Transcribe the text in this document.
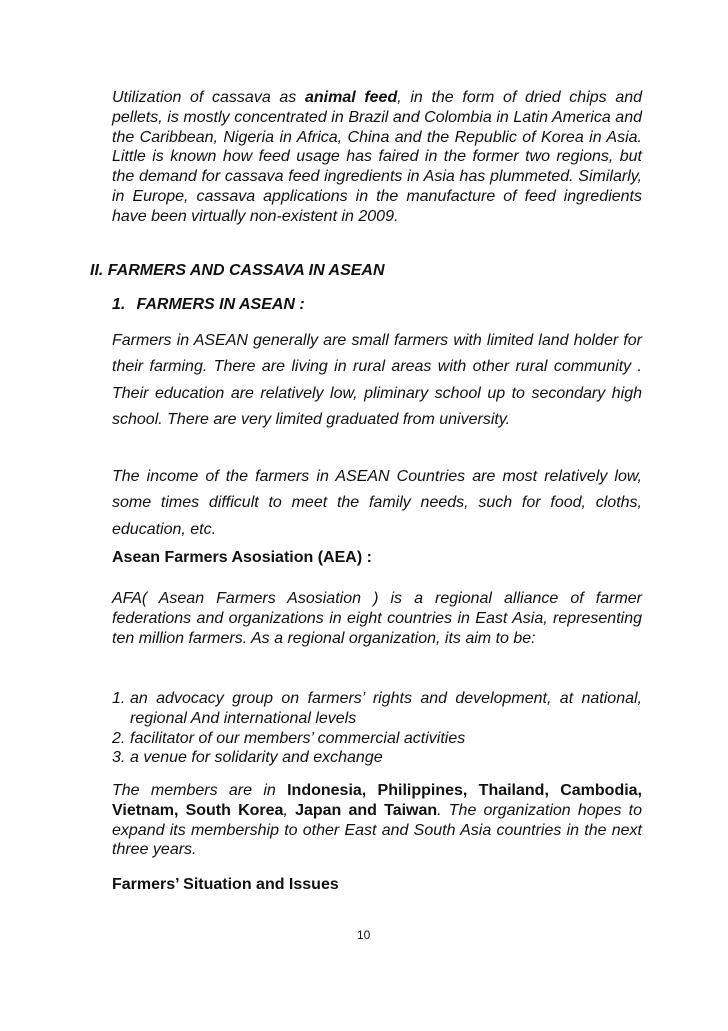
Utilization of cassava as animal feed, in the form of dried chips and pellets, is mostly concentrated in Brazil and Colombia in Latin America and the Caribbean, Nigeria in Africa, China and the Republic of Korea in Asia. Little is known how feed usage has faired in the former two regions, but the demand for cassava feed ingredients in Asia has plummeted. Similarly, in Europe, cassava applications in the manufacture of feed ingredients have been virtually non-existent in 2009.

II. FARMERS AND CASSAVA IN ASEAN
1. FARMERS IN ASEAN :

Farmers in ASEAN generally are small farmers with limited land holder for their farming. There are living in rural areas with other rural community . Their education are relatively low, pliminary school up to secondary high school. There are very limited graduated from university.

The income of the farmers in ASEAN Countries are most relatively low, some times difficult to meet the family needs, such for food, cloths, education, etc.

Asean Farmers Asosiation (AEA) :

AFA( Asean Farmers Asosiation ) is a regional alliance of farmer federations and organizations in eight countries in East Asia, representing ten million farmers. As a regional organization, its aim to be:

1. an advocacy group on farmers’ rights and development, at national, regional And international levels
2. facilitator of our members’ commercial activities
3. a venue for solidarity and exchange

The members are in Indonesia, Philippines, Thailand, Cambodia, Vietnam, South Korea, Japan and Taiwan. The organization hopes to expand its membership to other East and South Asia countries in the next three years.

Farmers’ Situation and Issues
10
